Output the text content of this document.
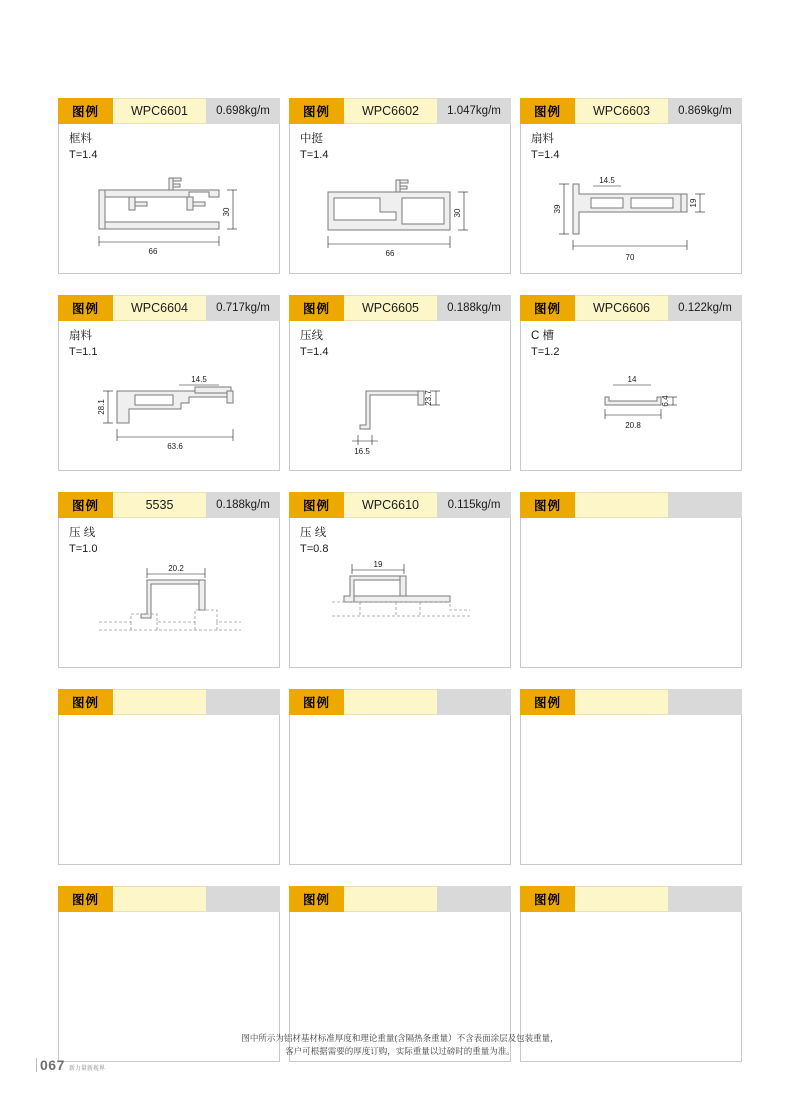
图例	WPC6601	0.698kg/m
框料
T=1.4
66
30
图例	WPC6602	1.047kg/m
中挺
T=1.4
66
30
图例	WPC6603	0.869kg/m
扇料
T=1.4
70
39
14.5
19
图例	WPC6604	0.717kg/m
扇料
T=1.1
63.6
28.1
14.5
图例	WPC6605	0.188kg/m
压线
T=1.4
16.5
23.7
图例	WPC6606	0.122kg/m
C 槽
T=1.2
20.8
14
6.4
图例	5535	0.188kg/m
压 线
T=1.0
20.2
图例	WPC6610	0.115kg/m
压 线
T=0.8
19
图例
图例	图例	图例
图例	图例	图例
图中所示为铝材基材标准厚度和理论重量(含隔热条重量）不含表面涂层及包装重量，
客户可根据需要的厚度订购，实际重量以过磅时的重量为准。
067 新力量新视界
